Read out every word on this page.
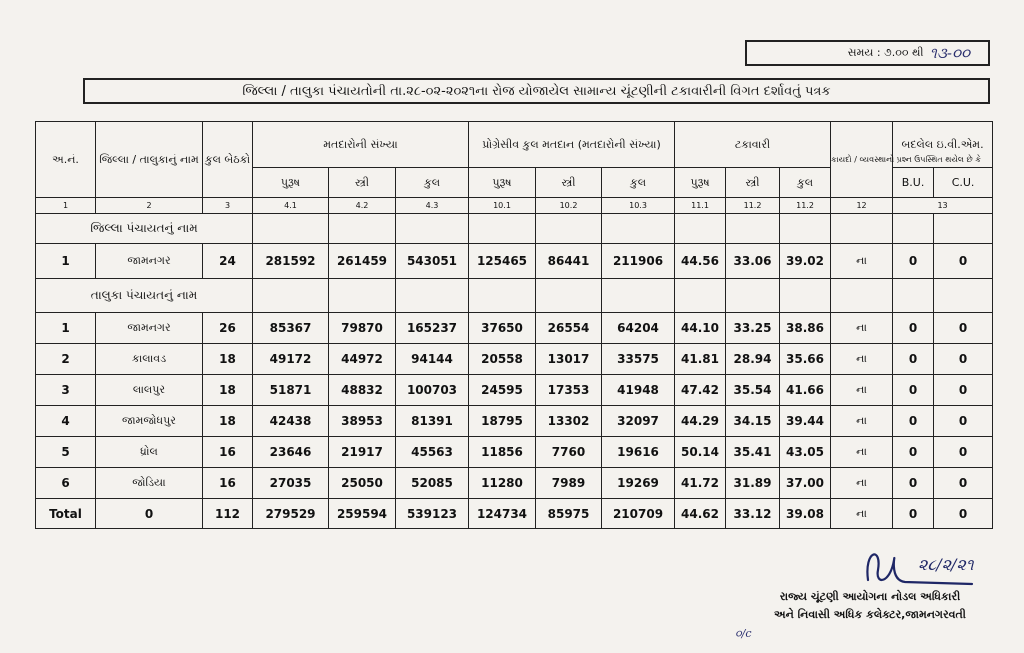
સમય : ૭.૦૦ થી ૧૩-૦૦
જિલ્લા / તાલુકા પંચાયતોની તા.૨૮-૦૨-૨૦૨૧ના રોજ યોજાયેલ સામાન્ય ચૂંટણીની ટકાવારીની વિગત દર્શાવતું પત્રક
અ.નં.	જિલ્લા / તાલુકાનું નામ	કુલ બેઠકો	મતદારોની સંખ્યા			પ્રોગ્રેસીવ કુલ મતદાન (મતદારોની સંખ્યા)			ટકાવારી			કાયદો / વ્યવસ્થાનો પ્રશ્ન ઉપસ્થિત થયેલ છે કે	બદલેલ ઇ.વી.એમ.	
			પુરૂષ	સ્ત્રી	કુલ	પુરૂષ	સ્ત્રી	કુલ	પુરૂષ	સ્ત્રી	કુલ		B.U.	C.U.
1	2	3	4.1	4.2	4.3	10.1	10.2	10.3	11.1	11.2	11.2	12	13	
જિલ્લા પંચાયતનું નામ														
1	જામનગર	24	281592	261459	543051	125465	86441	211906	44.56	33.06	39.02	ના	0	0
તાલુકા પંચાયતનું નામ														
1	જામનગર	26	85367	79870	165237	37650	26554	64204	44.10	33.25	38.86	ના	0	0
2	કાલાવડ	18	49172	44972	94144	20558	13017	33575	41.81	28.94	35.66	ના	0	0
3	લાલપુર	18	51871	48832	100703	24595	17353	41948	47.42	35.54	41.66	ના	0	0
4	જામજોધપુર	18	42438	38953	81391	18795	13302	32097	44.29	34.15	39.44	ના	0	0
5	ધ્રોલ	16	23646	21917	45563	11856	7760	19616	50.14	35.41	43.05	ના	0	0
6	જોડિયા	16	27035	25050	52085	11280	7989	19269	41.72	31.89	37.00	ના	0	0
Total	0	112	279529	259594	539123	124734	85975	210709	44.62	33.12	39.08	ના	0	0
૨૮/૨/૨૧
રાજ્ય ચૂંટણી આયોગના નોડલ અધિકારી
અને નિવાસી અધિક કલેક્ટર,જામનગરવતી
૦/c
